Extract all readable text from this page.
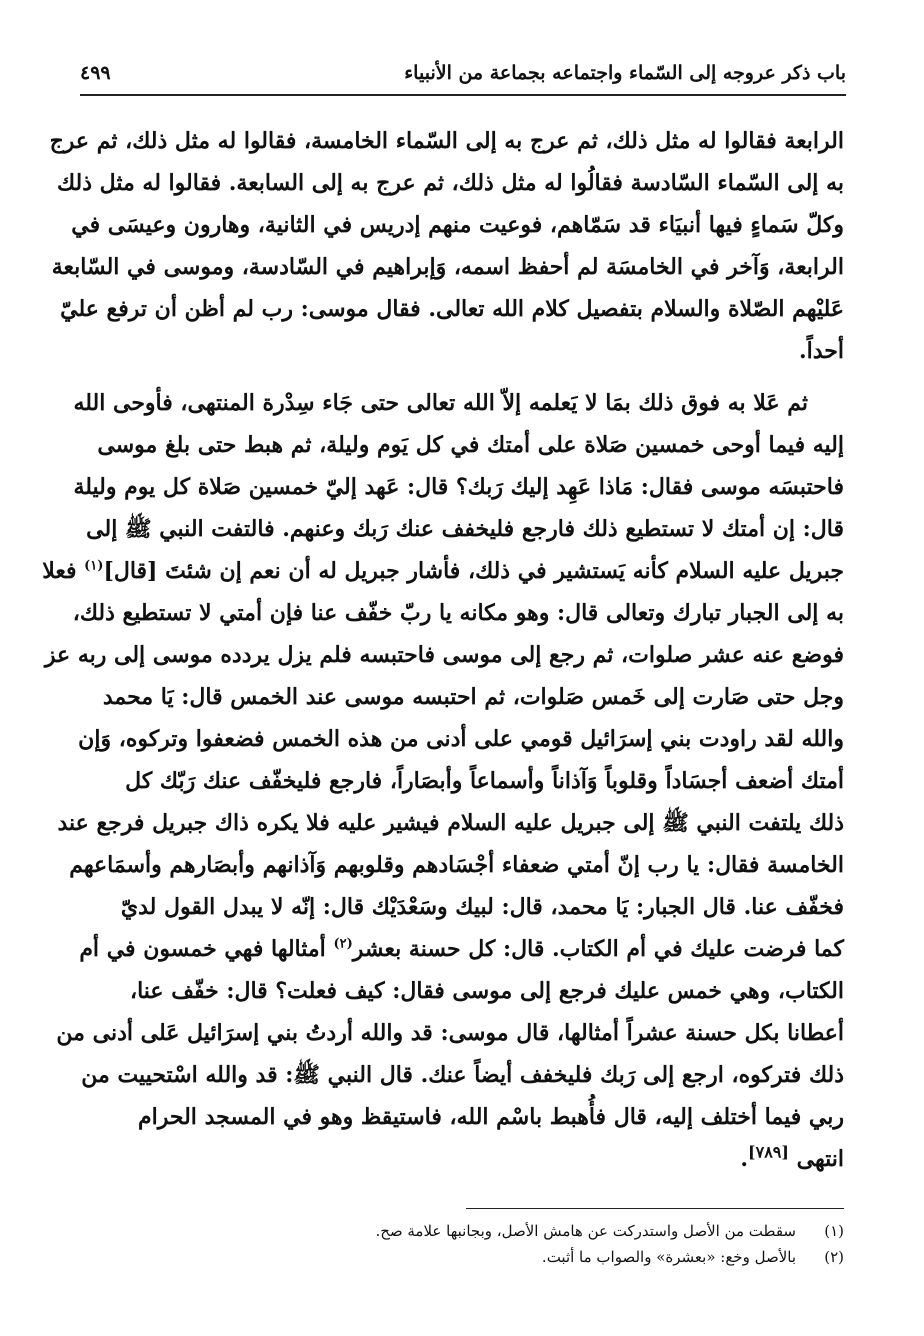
باب ذكر عروجه إلى السّماء واجتماعه بجماعة من الأنبياء
٤٩٩

الرابعة فقالوا له مثل ذلك، ثم عرج به إلى السّماء الخامسة، فقالوا له مثل ذلك، ثم عرج

به إلى السّماء السّادسة فقالُوا له مثل ذلك، ثم عرج به إلى السابعة. فقالوا له مثل ذلك

وكلّ سَماءٍ فيها أنبيَاء قد سَمّاهم، فوعيت منهم إدريس في الثانية، وهارون وعيسَى في

الرابعة، وَآخر في الخامسَة لم أحفظ اسمه، وَإبراهيم في السّادسة، وموسى في السّابعة

عَليْهم الصّلاة والسلام بتفصيل كلام الله تعالى. فقال موسى: رب لم أظن أن ترفع عليّ

أحداً.

ثم عَلا به فوق ذلك بمَا لا يَعلمه إلاّ الله تعالى حتى جَاء سِدْرة المنتهى، فأوحى الله

إليه فيما أوحى خمسين صَلاة على أمتك في كل يَوم وليلة، ثم هبط حتى بلغ موسى

فاحتبسَه موسى فقال: مَاذا عَهِد إليك رَبك؟ قال: عَهد إليّ خمسين صَلاة كل يوم وليلة

قال: إن أمتك لا تستطيع ذلك فارجع فليخفف عنك رَبك وعنهم. فالتفت النبي ﷺ إلى

جبريل عليه السلام كأنه يَستشير في ذلك، فأشار جبريل له أن نعم إن شئتَ [قال]$^{(١)}$ فعلا

به إلى الجبار تبارك وتعالى قال: وهو مكانه يا ربّ خفّف عنا فإن أمتي لا تستطيع ذلك،

فوضع عنه عشر صلوات، ثم رجع إلى موسى فاحتبسه فلم يزل يردده موسى إلى ربه عز

وجل حتى صَارت إلى خَمس صَلوات، ثم احتبسه موسى عند الخمس قال: يَا محمد

والله لقد راودت بني إسرَائيل قومي على أدنى من هذه الخمس فضعفوا وتركوه، وَإن

أمتك أضعف أجسَاداً وقلوباً وَآذاناً وأسماعاً وأبصَاراً، فارجع فليخفّف عنك رَبّك كل

ذلك يلتفت النبي ﷺ إلى جبريل عليه السلام فيشير عليه فلا يكره ذاك جبريل فرجع عند

الخامسة فقال: يا رب إنّ أمتي ضعفاء أجْسَادهم وقلوبهم وَآذانهم وأبصَارهم وأسمَاعهم

فخفّف عنا. قال الجبار: يَا محمد، قال: لبيك وسَعْدَيْك قال: إنّه لا يبدل القول لديّ

كما فرضت عليك في أم الكتاب. قال: كل حسنة بعشر$^{(٢)}$ أمثالها فهي خمسون في أم

الكتاب، وهي خمس عليك فرجع إلى موسى فقال: كيف فعلت؟ قال: خفّف عنا،

أعطانا بكل حسنة عشراً أمثالها، قال موسى: قد والله أردتُ بني إسرَائيل عَلى أدنى من

ذلك فتركوه، ارجع إلى رَبك فليخفف أيضاً عنك. قال النبي ﷺ: قد والله اسْتحييت من

ربي فيما أختلف إليه، قال فأُهبط باسْم الله، فاستيقظ وهو في المسجد الحرام

انتهى [٧٨٩].

(١)سقطت من الأصل واستدركت عن هامش الأصل، وبجانبها علامة صح.
(٢)بالأصل وخع: «بعشرة» والصواب ما أثبت.
